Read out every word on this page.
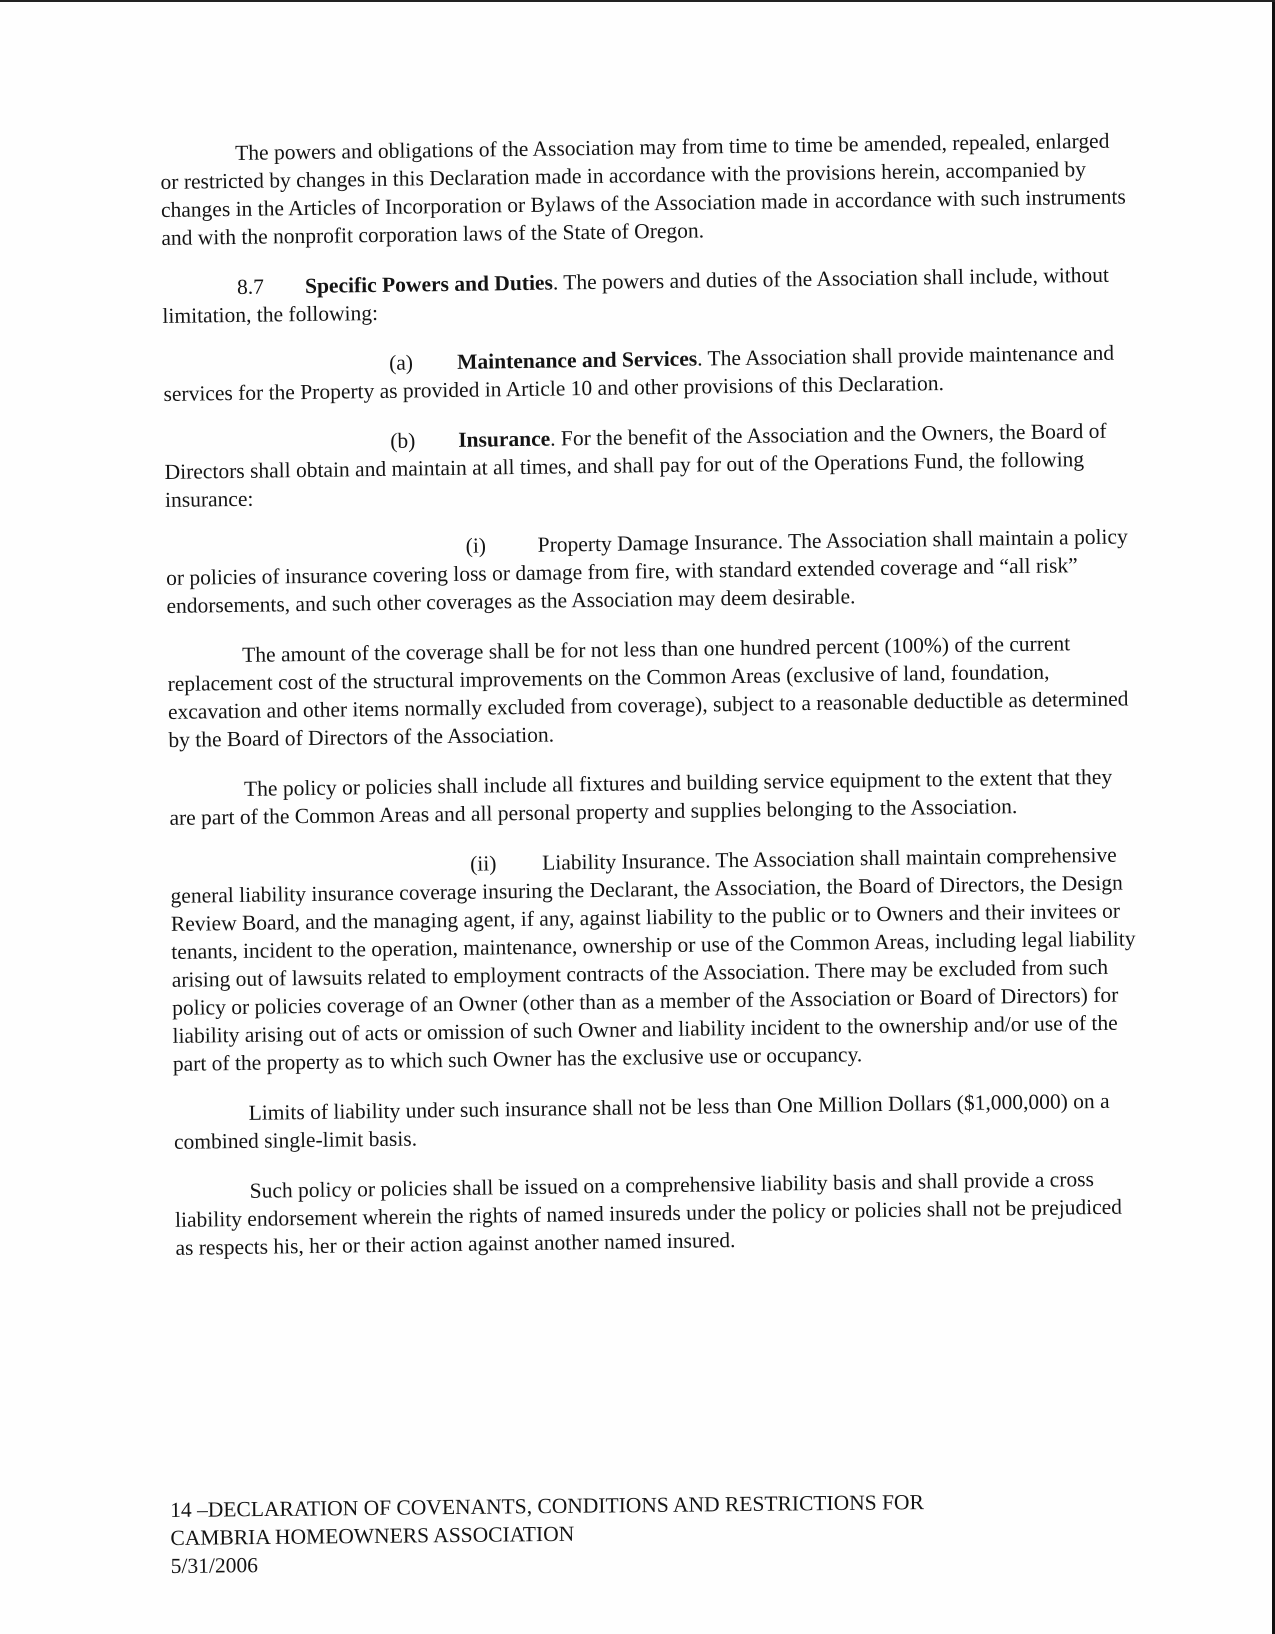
The powers and obligations of the Association may from time to time be amended, repealed, enlarged or restricted by changes in this Declaration made in accordance with the provisions herein, accompanied by changes in the Articles of Incorporation or Bylaws of the Association made in accordance with such instruments and with the nonprofit corporation laws of the State of Oregon.

8.7 Specific Powers and Duties. The powers and duties of the Association shall include, without limitation, the following:

(a) Maintenance and Services. The Association shall provide maintenance and services for the Property as provided in Article 10 and other provisions of this Declaration.

(b) Insurance. For the benefit of the Association and the Owners, the Board of Directors shall obtain and maintain at all times, and shall pay for out of the Operations Fund, the following insurance:

(i) Property Damage Insurance. The Association shall maintain a policy or policies of insurance covering loss or damage from fire, with standard extended coverage and “all risk” endorsements, and such other coverages as the Association may deem desirable.

The amount of the coverage shall be for not less than one hundred percent (100%) of the current replacement cost of the structural improvements on the Common Areas (exclusive of land, foundation, excavation and other items normally excluded from coverage), subject to a reasonable deductible as determined by the Board of Directors of the Association.

The policy or policies shall include all fixtures and building service equipment to the extent that they are part of the Common Areas and all personal property and supplies belonging to the Association.

(ii) Liability Insurance. The Association shall maintain comprehensive general liability insurance coverage insuring the Declarant, the Association, the Board of Directors, the Design Review Board, and the managing agent, if any, against liability to the public or to Owners and their invitees or tenants, incident to the operation, maintenance, ownership or use of the Common Areas, including legal liability arising out of lawsuits related to employment contracts of the Association. There may be excluded from such policy or policies coverage of an Owner (other than as a member of the Association or Board of Directors) for liability arising out of acts or omission of such Owner and liability incident to the ownership and/or use of the part of the property as to which such Owner has the exclusive use or occupancy.

Limits of liability under such insurance shall not be less than One Million Dollars ($1,000,000) on a combined single-limit basis.

Such policy or policies shall be issued on a comprehensive liability basis and shall provide a cross liability endorsement wherein the rights of named insureds under the policy or policies shall not be prejudiced as respects his, her or their action against another named insured.

14 –DECLARATION OF COVENANTS, CONDITIONS AND RESTRICTIONS FOR
CAMBRIA HOMEOWNERS ASSOCIATION
5/31/2006
